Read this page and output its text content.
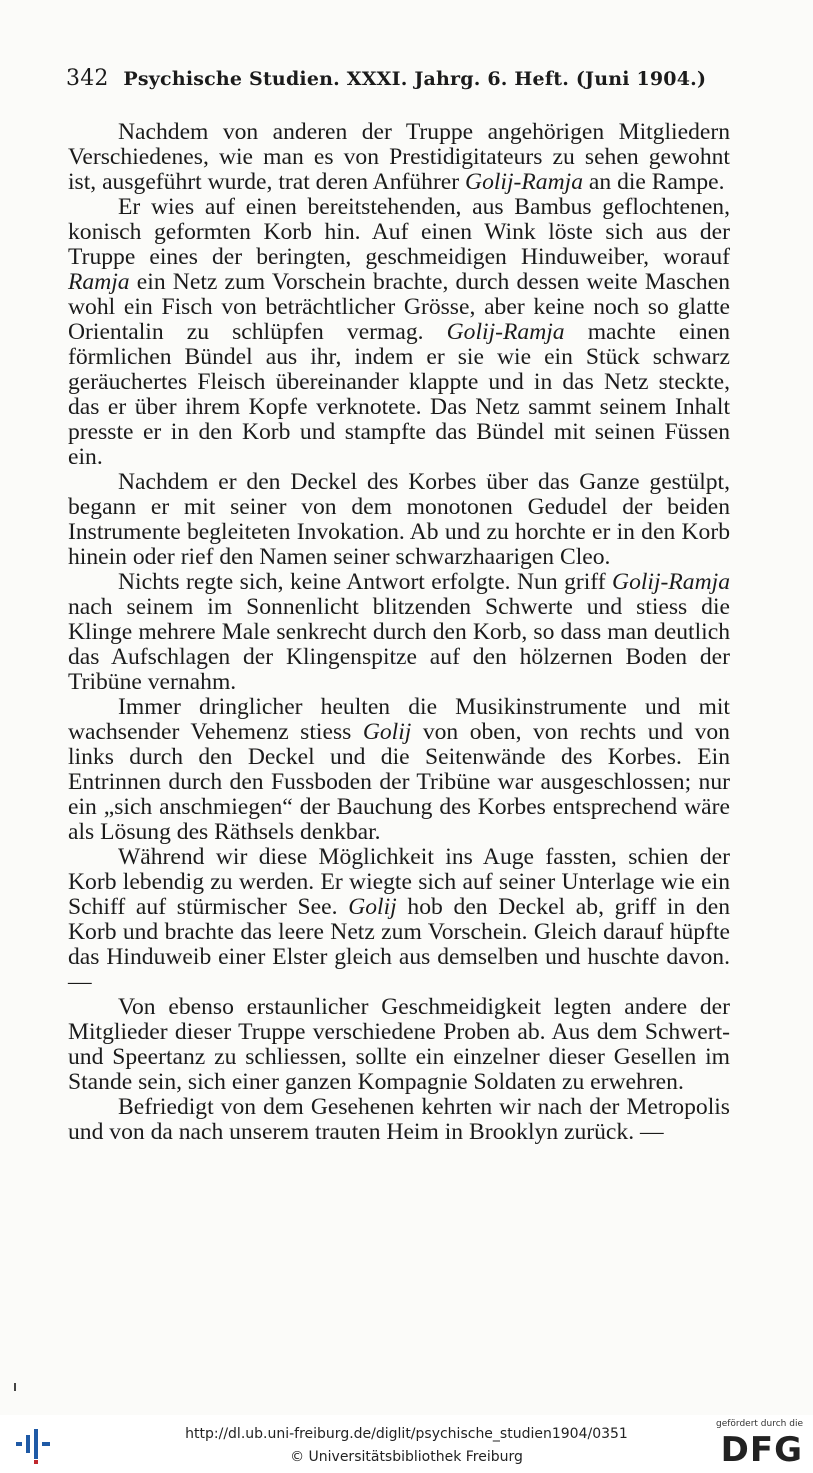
342 Psychische Studien. XXXI. Jahrg. 6. Heft. (Juni 1904.)

Nachdem von anderen der Truppe angehörigen Mitgliedern Verschiedenes, wie man es von Prestidigitateurs zu sehen gewohnt ist, ausgeführt wurde, trat deren Anführer Golij-Ramja an die Rampe.

Er wies auf einen bereitstehenden, aus Bambus geflochtenen, konisch geformten Korb hin. Auf einen Wink löste sich aus der Truppe eines der beringten, geschmeidigen Hinduweiber, worauf Ramja ein Netz zum Vorschein brachte, durch dessen weite Maschen wohl ein Fisch von beträchtlicher Grösse, aber keine noch so glatte Orientalin zu schlüpfen vermag. Golij-Ramja machte einen förmlichen Bündel aus ihr, indem er sie wie ein Stück schwarz geräuchertes Fleisch übereinander klappte und in das Netz steckte, das er über ihrem Kopfe verknotete. Das Netz sammt seinem Inhalt presste er in den Korb und stampfte das Bündel mit seinen Füssen ein.

Nachdem er den Deckel des Korbes über das Ganze gestülpt, begann er mit seiner von dem monotonen Gedudel der beiden Instrumente begleiteten Invokation. Ab und zu horchte er in den Korb hinein oder rief den Namen seiner schwarzhaarigen Cleo.

Nichts regte sich, keine Antwort erfolgte. Nun griff Golij-Ramja nach seinem im Sonnenlicht blitzenden Schwerte und stiess die Klinge mehrere Male senkrecht durch den Korb, so dass man deutlich das Aufschlagen der Klingenspitze auf den hölzernen Boden der Tribüne vernahm.

Immer dringlicher heulten die Musikinstrumente und mit wachsender Vehemenz stiess Golij von oben, von rechts und von links durch den Deckel und die Seitenwände des Korbes. Ein Entrinnen durch den Fussboden der Tribüne war ausgeschlossen; nur ein „sich anschmiegen“ der Bauchung des Korbes entsprechend wäre als Lösung des Räthsels denkbar.

Während wir diese Möglichkeit ins Auge fassten, schien der Korb lebendig zu werden. Er wiegte sich auf seiner Unterlage wie ein Schiff auf stürmischer See. Golij hob den Deckel ab, griff in den Korb und brachte das leere Netz zum Vorschein. Gleich darauf hüpfte das Hinduweib einer Elster gleich aus demselben und huschte davon. —

Von ebenso erstaunlicher Geschmeidigkeit legten andere der Mitglieder dieser Truppe verschiedene Proben ab. Aus dem Schwert- und Speertanz zu schliessen, sollte ein einzelner dieser Gesellen im Stande sein, sich einer ganzen Kompagnie Soldaten zu erwehren.

Befriedigt von dem Gesehenen kehrten wir nach der Metropolis und von da nach unserem trauten Heim in Brooklyn zurück. —

http://dl.ub.uni-freiburg.de/diglit/psychische_studien1904/0351
© Universitätsbibliothek Freiburg
gefördert durch die
DFG
